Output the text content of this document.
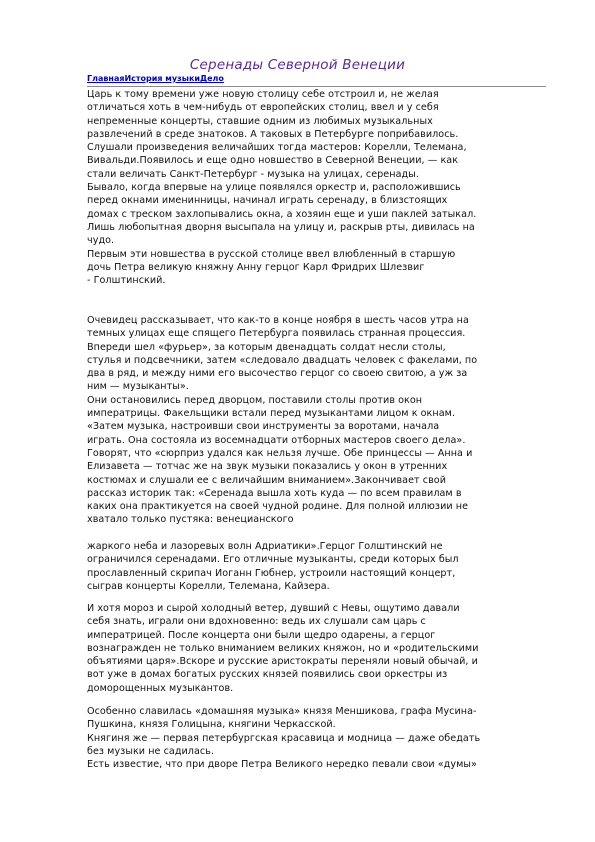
Серенады Северной Венеции
ГлавнаяИстория музыкиДело

Царь к тому времени уже новую столицу себе отстроил и, не желая
отличаться хоть в чем-нибудь от европейских столиц, ввел и у себя
непременные концерты, ставшие одним из любимых музыкальных
развлечений в среде знатоков. А таковых в Петербурге поприбавилось.
Слушали произведения величайших тогда мастеров: Корелли, Телемана,
Вивальди.Появилось и еще одно новшество в Северной Венеции, — как
стали величать Санкт-Петербург - музыка на улицах, серенады.
Бывало, когда впервые на улице появлялся оркестр и, расположившись
перед окнами именинницы, начинал играть серенаду, в близстоящих
домах с треском захлопывались окна, а хозяин еще и уши паклей затыкал.
Лишь любопытная дворня высыпала на улицу и, раскрыв рты, дивилась на
чудо.
Первым эти новшества в русской столице ввел влюбленный в старшую
дочь Петра великую княжну Анну герцог Карл Фридрих Шлезвиг
- Голштинский.

Очевидец рассказывает, что как-то в конце ноября в шесть часов утра на
темных улицах еще спящего Петербурга появилась странная процессия.
Впереди шел «фурьер», за которым двенадцать солдат несли столы,
стулья и подсвечники, затем «следовало двадцать человек с факелами, по
два в ряд, и между ними его высочество герцог со своею свитою, а уж за
ним — музыканты».
Они остановились перед дворцом, поставили столы против окон
императрицы. Факельщики встали перед музыкантами лицом к окнам.
«Затем музыка, настроивши свои инструменты за воротами, начала
играть. Она состояла из восемнадцати отборных мастеров своего дела».
Говорят, что «сюрприз удался как нельзя лучше. Обе принцессы — Анна и
Елизавета — тотчас же на звук музыки показались у окон в утренних
костюмах и слушали ее с величайшим вниманием».Закончивает свой
рассказ историк так: «Серенада вышла хоть куда — по всем правилам в
каких она практикуется на своей чудной родине. Для полной иллюзии не
хватало только пустяка: венецианского

жаркого неба и лазоревых волн Адриатики».Герцог Голштинский не
ограничился серенадами. Его отличные музыканты, среди которых был
прославленный скрипач Иоганн Гюбнер, устроили настоящий концерт,
сыграв концерты Корелли, Телемана, Кайзера.

И хотя мороз и сырой холодный ветер, дувший с Невы, ощутимо давали
себя знать, играли они вдохновенно: ведь их слушали сам царь с
императрицей. После концерта они были щедро одарены, а герцог
вознагражден не только вниманием великих княжон, но и «родительскими
объятиями царя».Вскоре и русские аристократы переняли новый обычай, и
вот уже в домах богатых русских князей появились свои оркестры из
доморощенных музыкантов.

Особенно славилась «домашняя музыка» князя Меншикова, графа Мусина-
Пушкина, князя Голицына, княгини Черкасской.
Княгиня же — первая петербургская красавица и модница — даже обедать
без музыки не садилась.
Есть известие, что при дворе Петра Великого нередко певали свои «думы»
